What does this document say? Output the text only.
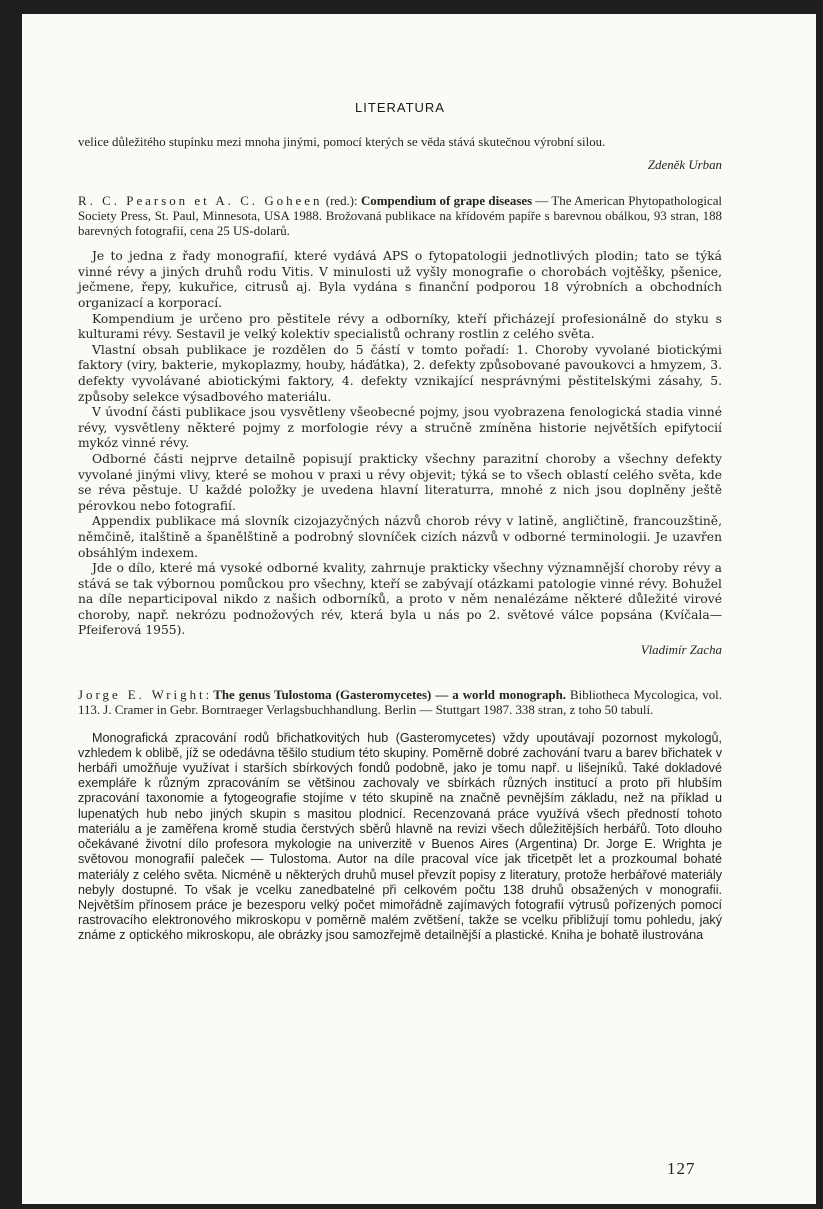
LITERATURA

velice důležitého stupínku mezi mnoha jinými, pomocí kterých se věda stává skutečnou výrobní silou.

Zdeněk Urban

R. C. Pearson et A. C. Goheen (red.): Compendium of grape diseases — The American Phytopathological Society Press, St. Paul, Minnesota, USA 1988. Brožovaná publikace na křídovém papíře s barevnou obálkou, 93 stran, 188 barevných fotografií, cena 25 US-dolarů.

Je to jedna z řady monografií, které vydává APS o fytopatologii jednotlivých plodin; tato se týká vinné révy a jiných druhů rodu Vitis. V minulosti už vyšly monografie o chorobách vojtěšky, pšenice, ječmene, řepy, kukuřice, citrusů aj. Byla vydána s finanční podporou 18 výrobních a obchodních organizací a korporací.

Kompendium je určeno pro pěstitele révy a odborníky, kteří přicházejí profesionálně do styku s kulturami révy. Sestavil je velký kolektiv specialistů ochrany rostlin z celého světa.

Vlastní obsah publikace je rozdělen do 5 částí v tomto pořadí: 1. Choroby vyvolané biotickými faktory (viry, bakterie, mykoplazmy, houby, háďátka), 2. defekty způsobované pavoukovci a hmyzem, 3. defekty vyvolávané abiotickými faktory, 4. defekty vznikající nesprávnými pěstitelskými zásahy, 5. způsoby selekce výsadbového materiálu.

V úvodní části publikace jsou vysvětleny všeobecné pojmy, jsou vyobrazena fenologická stadia vinné révy, vysvětleny některé pojmy z morfologie révy a stručně zmíněna historie největších epifytocií mykóz vinné révy.

Odborné části nejprve detailně popisují prakticky všechny parazitní choroby a všechny defekty vyvolané jinými vlivy, které se mohou v praxi u révy objevit; týká se to všech oblastí celého světa, kde se réva pěstuje. U každé položky je uvedena hlavní literaturra, mnohé z nich jsou doplněny ještě pérovkou nebo fotografií.

Appendix publikace má slovník cizojazyčných názvů chorob révy v latině, angličtině, francouzštině, němčině, italštině a španělštině a podrobný slovníček cizích názvů v odborné terminologii. Je uzavřen obsáhlým indexem.

Jde o dílo, které má vysoké odborné kvality, zahrnuje prakticky všechny významnější choroby révy a stává se tak výbornou pomůckou pro všechny, kteří se zabývají otázkami patologie vinné révy. Bohužel na díle neparticipoval nikdo z našich odborníků, a proto v něm nenalézáme některé důležité virové choroby, např. nekrózu podnožových rév, která byla u nás po 2. světové válce popsána (Kvíčala—Pfeiferová 1955).

Vladimír Zacha

Jorge E. Wright: The genus Tulostoma (Gasteromycetes) — a world monograph. Bibliotheca Mycologica, vol. 113. J. Cramer in Gebr. Borntraeger Verlagsbuchhandlung. Berlin — Stuttgart 1987. 338 stran, z toho 50 tabulí.

Monografická zpracování rodů břichatkovitých hub (Gasteromycetes) vždy upoutávají pozornost mykologů, vzhledem k oblibě, jíž se odedávna těšilo studium této skupiny. Poměrně dobré zachování tvaru a barev břichatek v herbáři umožňuje využívat i starších sbírkových fondů podobně, jako je tomu např. u lišejníků. Také dokladové exempláře k různým zpracováním se většinou zachovaly ve sbírkách různých institucí a proto při hlubším zpracování taxonomie a fytogeografie stojíme v této skupině na značně pevnějším základu, než na příklad u lupenatých hub nebo jiných skupin s masitou plodnicí. Recenzovaná práce využívá všech předností tohoto materiálu a je zaměřena kromě studia čerstvých sběrů hlavně na revizi všech důležitějších herbářů. Toto dlouho očekávané životní dílo profesora mykologie na univerzitě v Buenos Aires (Argentina) Dr. Jorge E. Wrighta je světovou monografií paleček — Tulostoma. Autor na díle pracoval více jak třicetpět let a prozkoumal bohaté materiály z celého světa. Nicméně u některých druhů musel převzít popisy z literatury, protože herbářové materiály nebyly dostupné. To však je vcelku zanedbatelné při celkovém počtu 138 druhů obsažených v monografii. Největším přínosem práce je bezesporu velký počet mimořádně zajímavých fotografií výtrusů pořízených pomocí rastrovacího elektronového mikroskopu v poměrně malém zvětšení, takže se vcelku přibližují tomu pohledu, jaký známe z optického mikroskopu, ale obrázky jsou samozřejmě detailnější a plastické. Kniha je bohatě ilustrována

127
